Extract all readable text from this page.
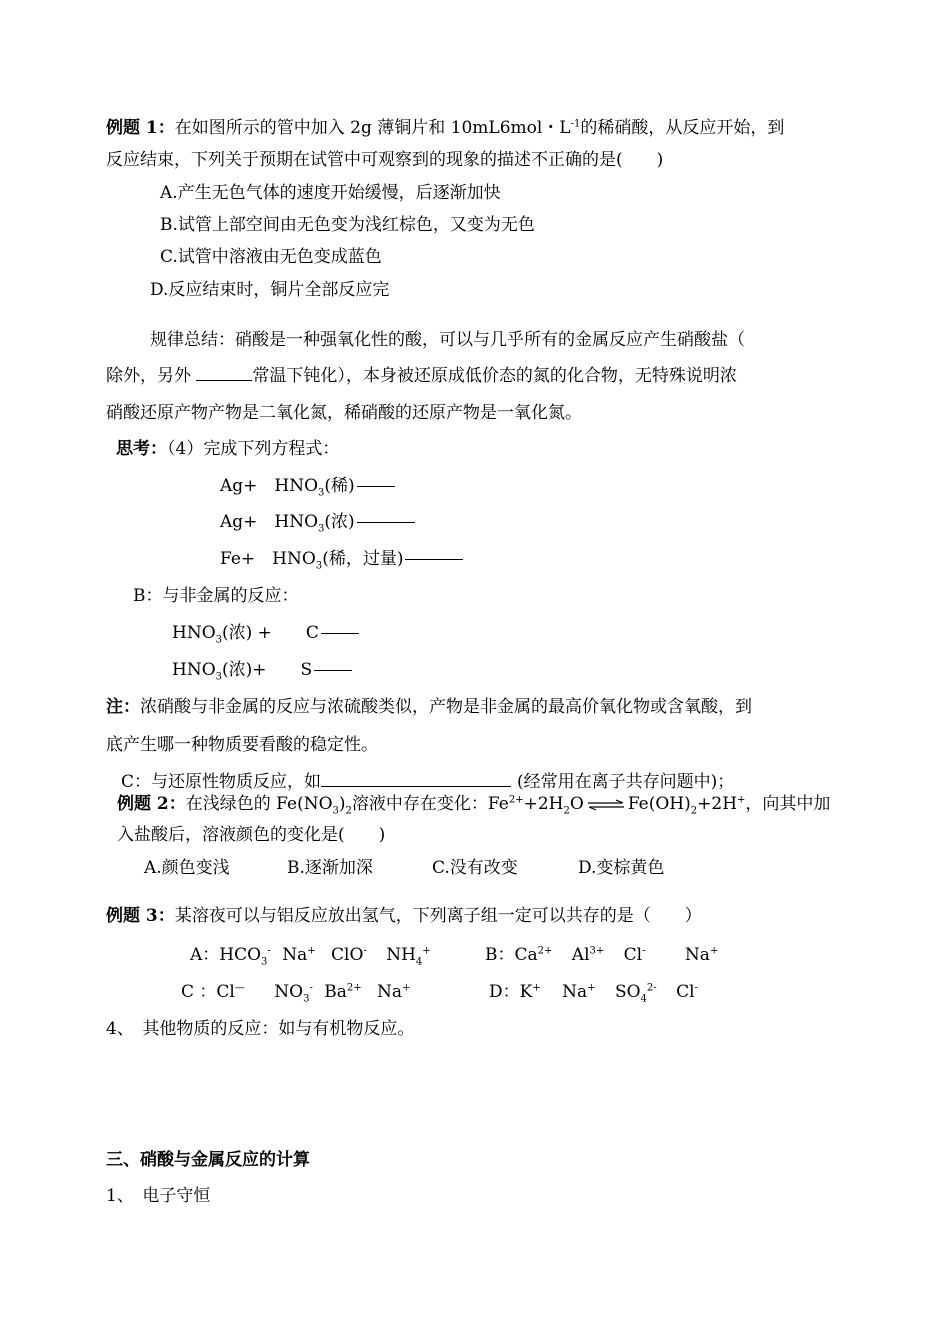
例题 1：在如图所示的管中加入 2g 薄铜片和 10mL6mol・$L^{-1}$的稀硝酸，从反应开始，到
反应结束，下列关于预期在试管中可观察到的现象的描述不正确的是(　　)
A.产生无色气体的速度开始缓慢，后逐渐加快
B.试管上部空间由无色变为浅红棕色，又变为无色
C.试管中溶液由无色变成蓝色
D.反应结束时，铜片全部反应完
规律总结：硝酸是一种强氧化性的酸，可以与几乎所有的金属反应产生硝酸盐（
除外，另外	常温下钝化），本身被还原成低价态的氮的化合物，无特殊说明浓
硝酸还原产物产物是二氧化氮，稀硝酸的还原产物是一氧化氮。
思考：（4）完成下列方程式：
Ag+　$HNO_3$(稀)
Ag+　$HNO_3$(浓)
Fe+　$HNO_3$(稀，过量)
B：与非金属的反应：
$HNO_3$(浓) +　　C
$HNO_3$(浓)+　　S
注：浓硝酸与非金属的反应与浓硫酸类似，产物是非金属的最高价氧化物或含氧酸，到
底产生哪一种物质要看酸的稳定性。
C：与还原性物质反应，如	(经常用在离子共存问题中)；
例题 2：在浅绿色的 $Fe(NO_3)_2$溶液中存在变化：$Fe^{2+}+2H_2O$ ⇌ $Fe(OH)_2+2H^+$，向其中加
入盐酸后，溶液颜色的变化是(　　)
A.颜色变浅	B.逐渐加深	C.没有改变	D.变棕黄色
例题 3：某溶夜可以与铝反应放出氢气，下列离子组一定可以共存的是（　　）
A：$HCO_3^-$ Na+ ClO- $NH_4^+$	B：$Ca^{2+}$ $Al^{3+}$ Cl- Na+
C ：Cl— $NO_3^-$ $Ba^{2+}$ Na+	D：K+ Na+ $SO_4^{2-}$ Cl-
4、　其他物质的反应：如与有机物反应。
三、硝酸与金属反应的计算
1、　电子守恒
